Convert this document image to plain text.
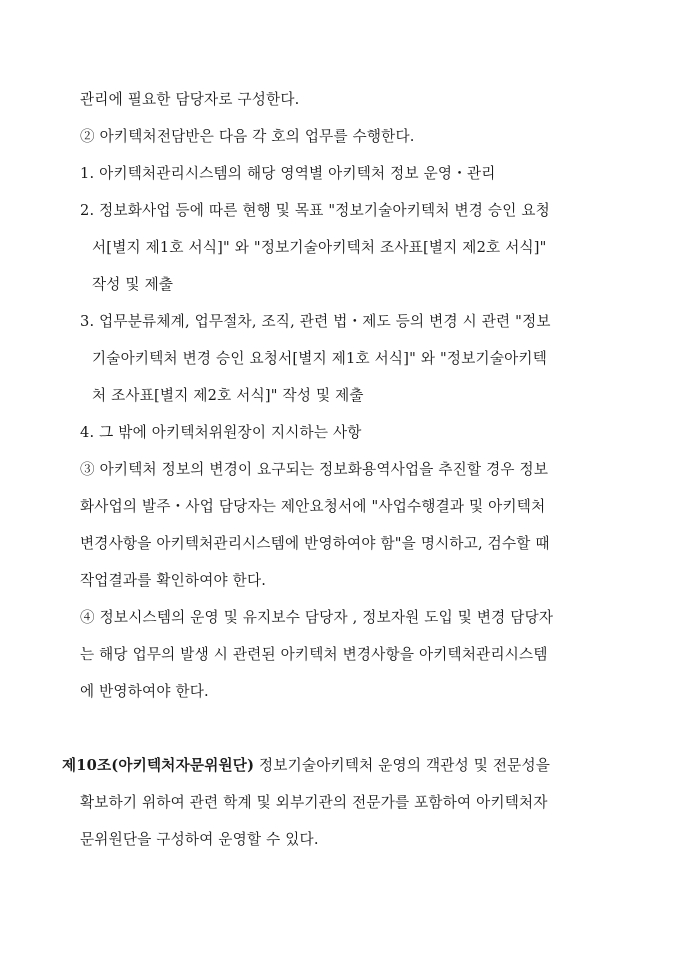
관리에 필요한 담당자로 구성한다.

② 아키텍처전담반은 다음 각 호의 업무를 수행한다.

1. 아키텍처관리시스템의 해당 영역별 아키텍처 정보 운영・관리

2. 정보화사업 등에 따른 현행 및 목표 "정보기술아키텍처 변경 승인 요청

서[별지 제1호 서식]" 와 "정보기술아키텍처 조사표[별지 제2호 서식]"

작성 및 제출

3. 업무분류체계, 업무절차, 조직, 관련 법・제도 등의 변경 시 관련 "정보

기술아키텍처 변경 승인 요청서[별지 제1호 서식]" 와 "정보기술아키텍

처 조사표[별지 제2호 서식]" 작성 및 제출

4. 그 밖에 아키텍처위원장이 지시하는 사항

③ 아키텍처 정보의 변경이 요구되는 정보화용역사업을 추진할 경우 정보

화사업의 발주・사업 담당자는 제안요청서에 "사업수행결과 및 아키텍처

변경사항을 아키텍처관리시스템에 반영하여야 함"을 명시하고, 검수할 때

작업결과를 확인하여야 한다.

④ 정보시스템의 운영 및 유지보수 담당자 , 정보자원 도입 및 변경 담당자

는 해당 업무의 발생 시 관련된 아키텍처 변경사항을 아키텍처관리시스템

에 반영하여야 한다.

제10조(아키텍처자문위원단) 정보기술아키텍처 운영의 객관성 및 전문성을

확보하기 위하여 관련 학계 및 외부기관의 전문가를 포함하여 아키텍처자

문위원단을 구성하여 운영할 수 있다.
